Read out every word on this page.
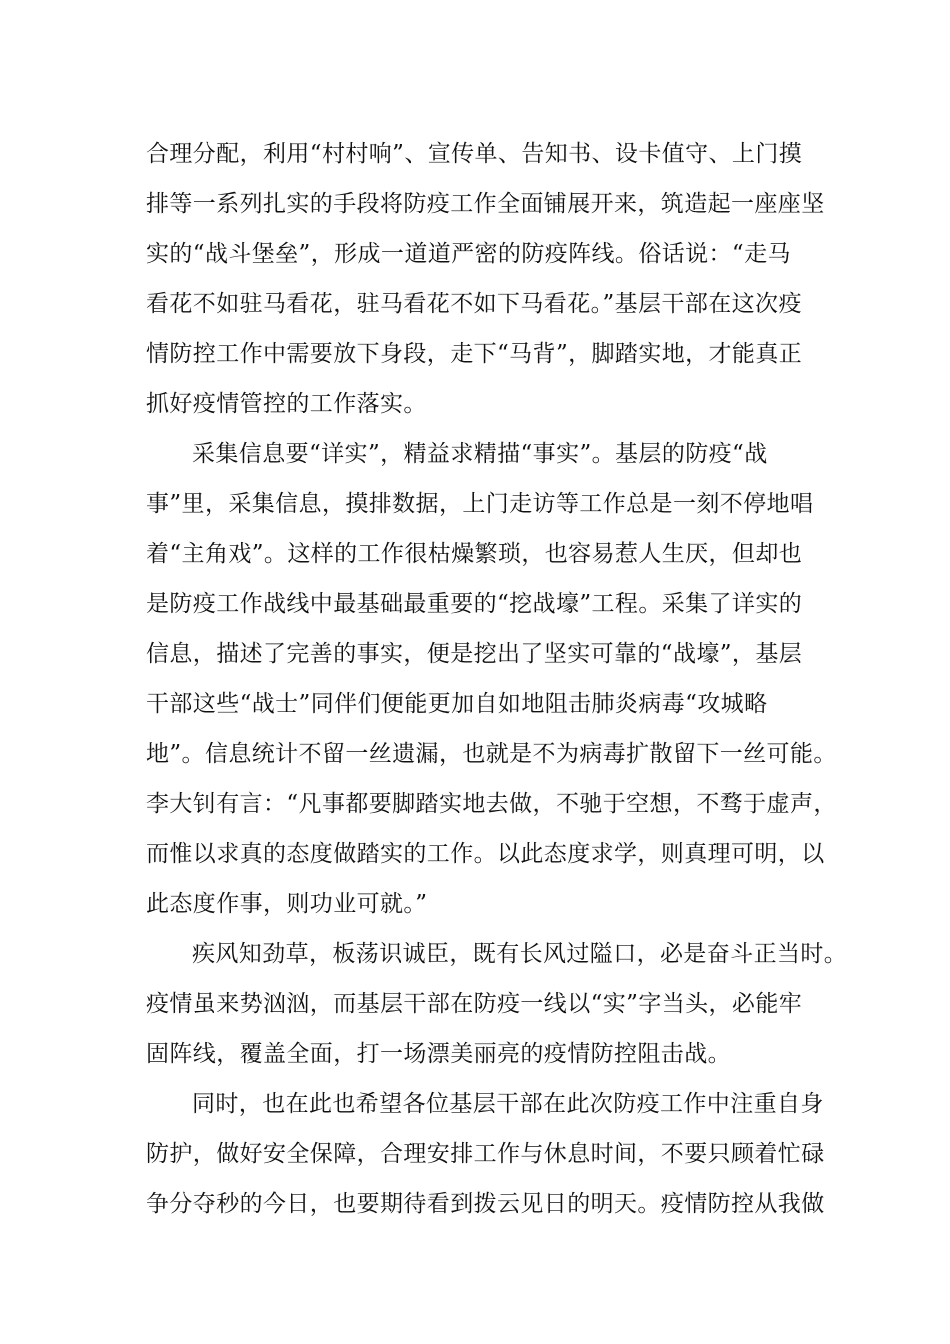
合理分配，利用“村村响”、宣传单、告知书、设卡值守、上门摸
排等一系列扎实的手段将防疫工作全面铺展开来，筑造起一座座坚
实的“战斗堡垒”，形成一道道严密的防疫阵线。俗话说：“走马
看花不如驻马看花，驻马看花不如下马看花。”基层干部在这次疫
情防控工作中需要放下身段，走下“马背”，脚踏实地，才能真正
抓好疫情管控的工作落实。
采集信息要“详实”，精益求精描“事实”。基层的防疫“战
事”里，采集信息，摸排数据，上门走访等工作总是一刻不停地唱
着“主角戏”。这样的工作很枯燥繁琐，也容易惹人生厌，但却也
是防疫工作战线中最基础最重要的“挖战壕”工程。采集了详实的
信息，描述了完善的事实，便是挖出了坚实可靠的“战壕”，基层
干部这些“战士”同伴们便能更加自如地阻击肺炎病毒“攻城略
地”。信息统计不留一丝遗漏，也就是不为病毒扩散留下一丝可能。
李大钊有言：“凡事都要脚踏实地去做，不驰于空想，不骛于虚声，
而惟以求真的态度做踏实的工作。以此态度求学，则真理可明，以
此态度作事，则功业可就。”
疾风知劲草，板荡识诚臣，既有长风过隘口，必是奋斗正当时。
疫情虽来势汹汹，而基层干部在防疫一线以“实”字当头，必能牢
固阵线，覆盖全面，打一场漂美丽亮的疫情防控阻击战。
同时，也在此也希望各位基层干部在此次防疫工作中注重自身
防护，做好安全保障，合理安排工作与休息时间，不要只顾着忙碌
争分夺秒的今日，也要期待看到拨云见日的明天。疫情防控从我做
